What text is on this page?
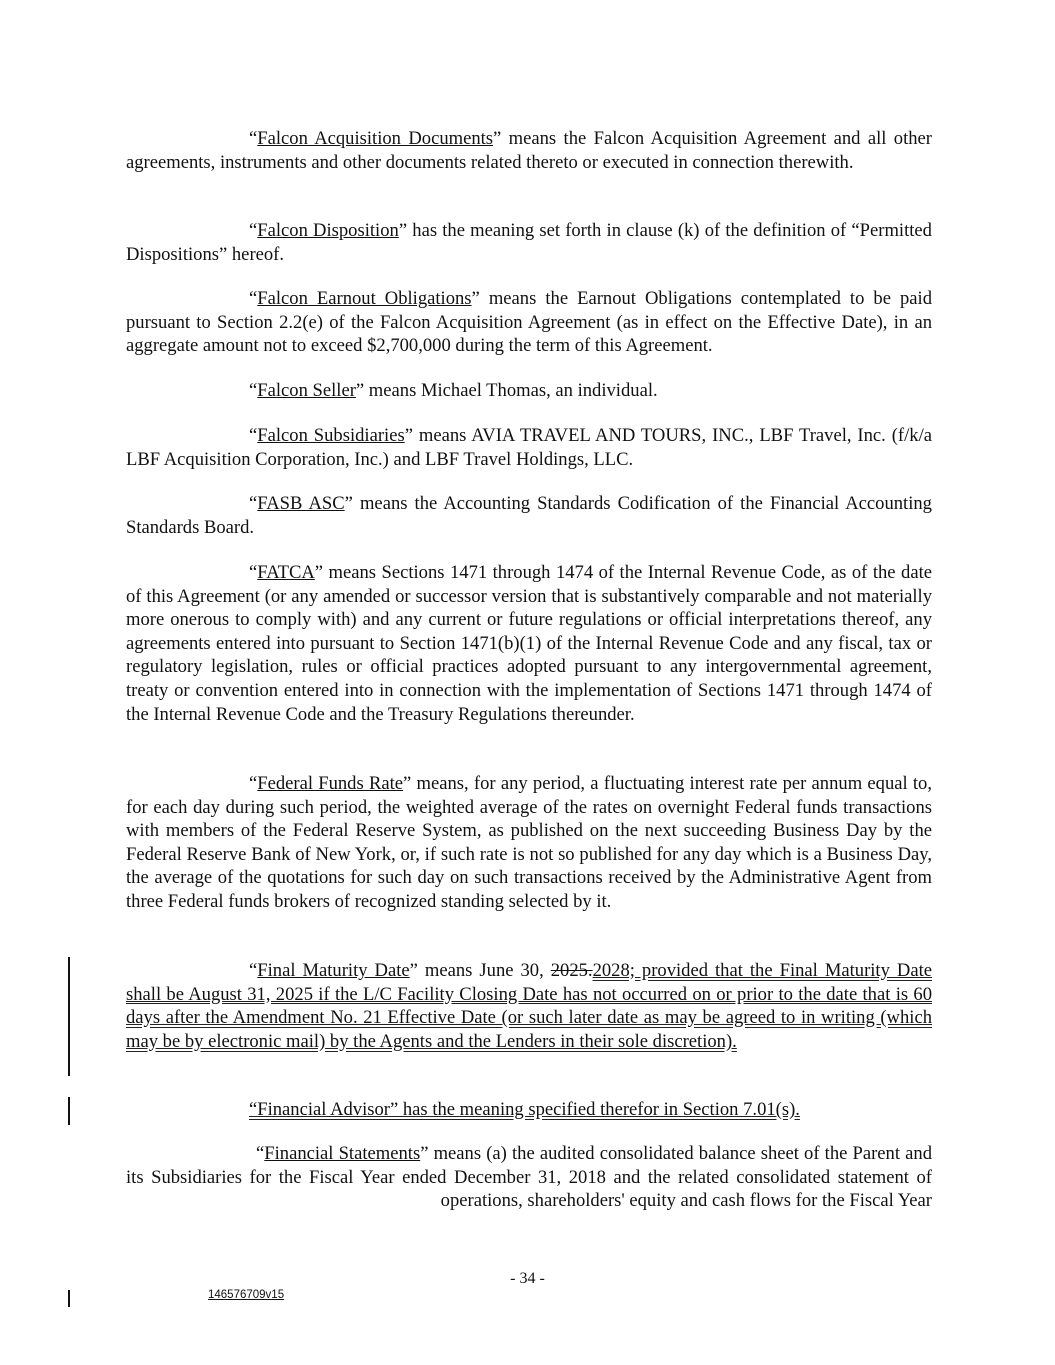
“Falcon Acquisition Documents” means the Falcon Acquisition Agreement and all other agreements, instruments and other documents related thereto or executed in connection therewith.

“Falcon Disposition” has the meaning set forth in clause (k) of the definition of “Permitted Dispositions” hereof.

“Falcon Earnout Obligations” means the Earnout Obligations contemplated to be paid pursuant to Section 2.2(e) of the Falcon Acquisition Agreement (as in effect on the Effective Date), in an aggregate amount not to exceed $2,700,000 during the term of this Agreement.

“Falcon Seller” means Michael Thomas, an individual.

“Falcon Subsidiaries” means AVIA TRAVEL AND TOURS, INC., LBF Travel, Inc. (f/k/a LBF Acquisition Corporation, Inc.) and LBF Travel Holdings, LLC.

“FASB ASC” means the Accounting Standards Codification of the Financial Accounting Standards Board.

“FATCA” means Sections 1471 through 1474 of the Internal Revenue Code, as of the date of this Agreement (or any amended or successor version that is substantively comparable and not materially more onerous to comply with) and any current or future regulations or official interpretations thereof, any agreements entered into pursuant to Section 1471(b)(1) of the Internal Revenue Code and any fiscal, tax or regulatory legislation, rules or official practices adopted pursuant to any intergovernmental agreement, treaty or convention entered into in connection with the implementation of Sections 1471 through 1474 of the Internal Revenue Code and the Treasury Regulations thereunder.

“Federal Funds Rate” means, for any period, a fluctuating interest rate per annum equal to, for each day during such period, the weighted average of the rates on overnight Federal funds transactions with members of the Federal Reserve System, as published on the next succeeding Business Day by the Federal Reserve Bank of New York, or, if such rate is not so published for any day which is a Business Day, the average of the quotations for such day on such transactions received by the Administrative Agent from three Federal funds brokers of recognized standing selected by it.

“Final Maturity Date” means June 30, 2025.2028; provided that the Final Maturity Date shall be August 31, 2025 if the L/C Facility Closing Date has not occurred on or prior to the date that is 60 days after the Amendment No. 21 Effective Date (or such later date as may be agreed to in writing (which may be by electronic mail) by the Agents and the Lenders in their sole discretion).

“Financial Advisor” has the meaning specified therefor in Section 7.01(s).

“Financial Statements” means (a) the audited consolidated balance sheet of the Parent and its Subsidiaries for the Fiscal Year ended December 31, 2018 and the related consolidated statement of operations, shareholders' equity and cash flows for the Fiscal Year

- 34 -
146576709v15
